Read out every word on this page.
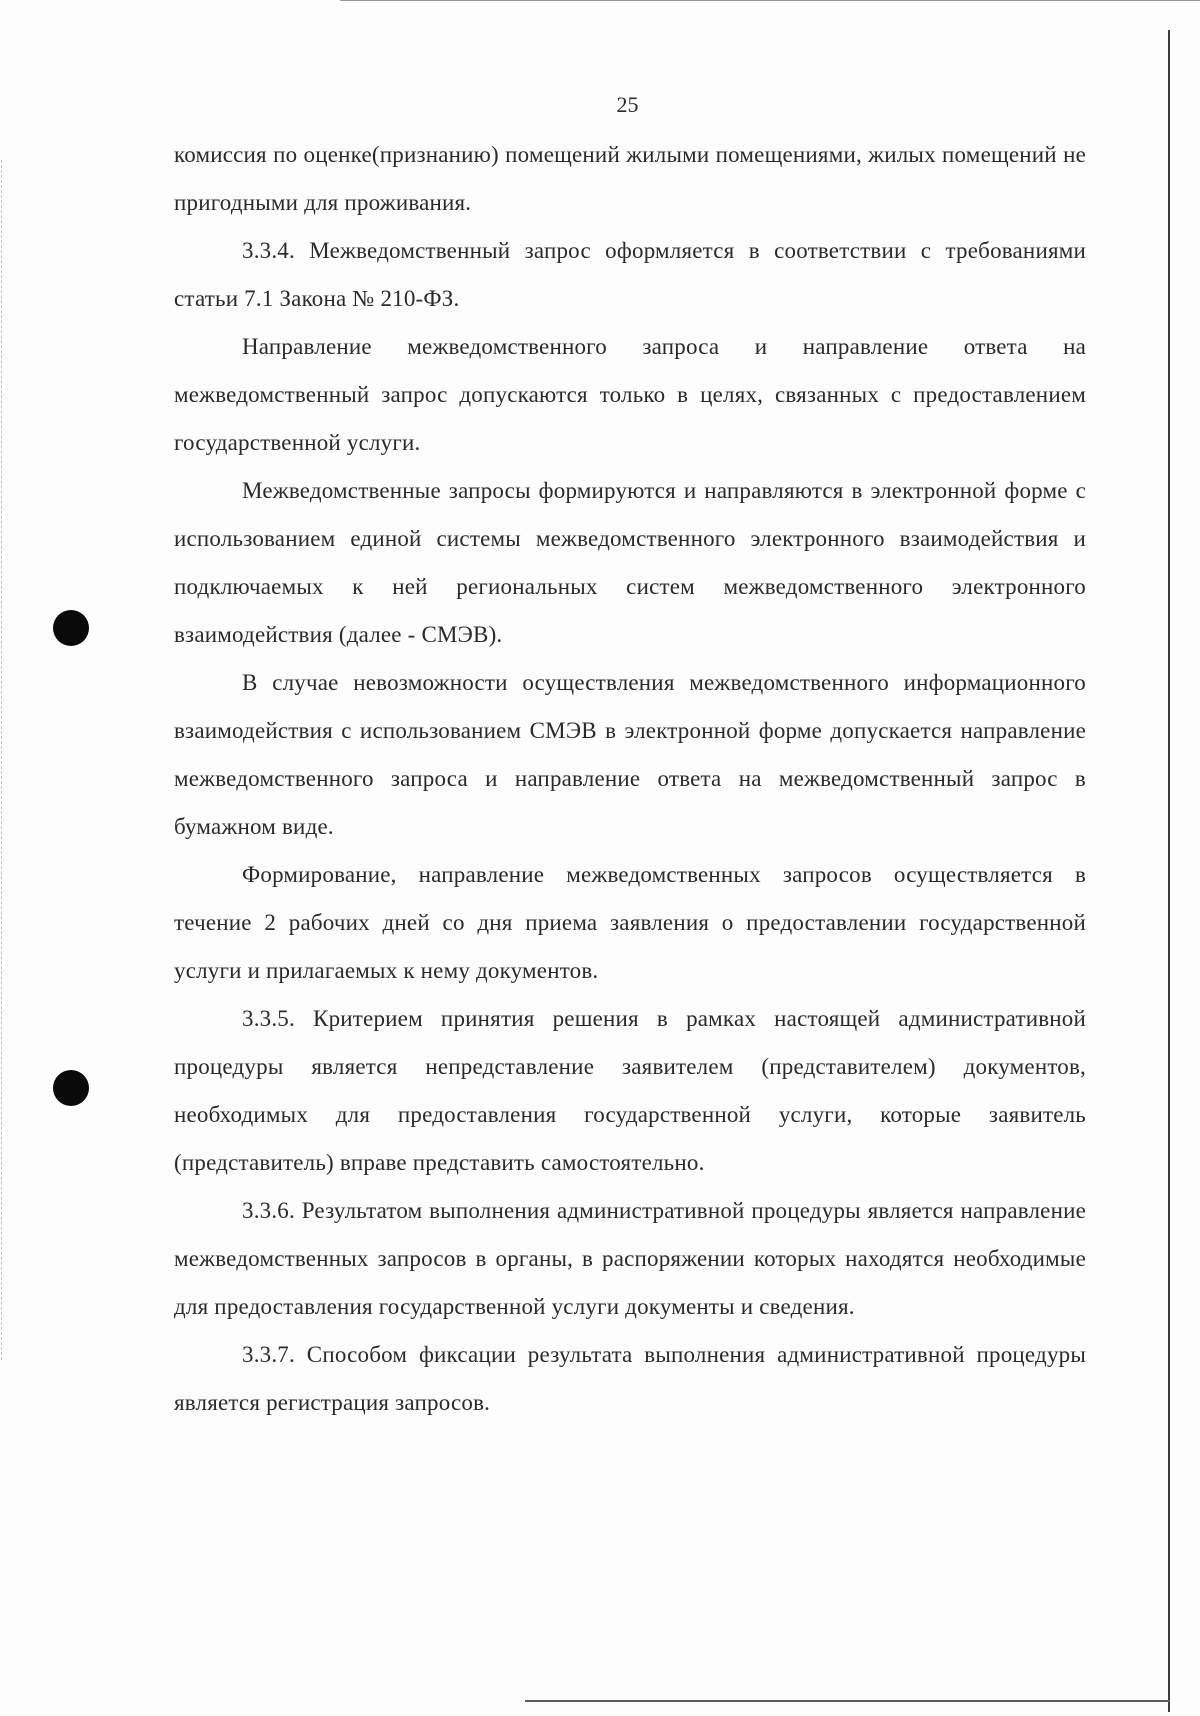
25

комиссия по оценке(признанию) помещений жилыми помещениями, жилых помещений не пригодными для проживания.

3.3.4. Межведомственный запрос оформляется в соответствии с требованиями статьи 7.1 Закона № 210-ФЗ.

Направление межведомственного запроса и направление ответа на межведомственный запрос допускаются только в целях, связанных с предоставлением государственной услуги.

Межведомственные запросы формируются и направляются в электронной форме с использованием единой системы межведомственного электронного взаимодействия и подключаемых к ней региональных систем межведомственного электронного взаимодействия (далее - СМЭВ).

В случае невозможности осуществления межведомственного информационного взаимодействия с использованием СМЭВ в электронной форме допускается направление межведомственного запроса и направление ответа на межведомственный запрос в бумажном виде.

Формирование, направление межведомственных запросов осуществляется в течение 2 рабочих дней со дня приема заявления о предоставлении государственной услуги и прилагаемых к нему документов.

3.3.5. Критерием принятия решения в рамках настоящей административной процедуры является непредставление заявителем (представителем) документов, необходимых для предоставления государственной услуги, которые заявитель (представитель) вправе представить самостоятельно.

3.3.6. Результатом выполнения административной процедуры является направление межведомственных запросов в органы, в распоряжении которых находятся необходимые для предоставления государственной услуги документы и сведения.

3.3.7. Способом фиксации результата выполнения административной процедуры является регистрация запросов.
